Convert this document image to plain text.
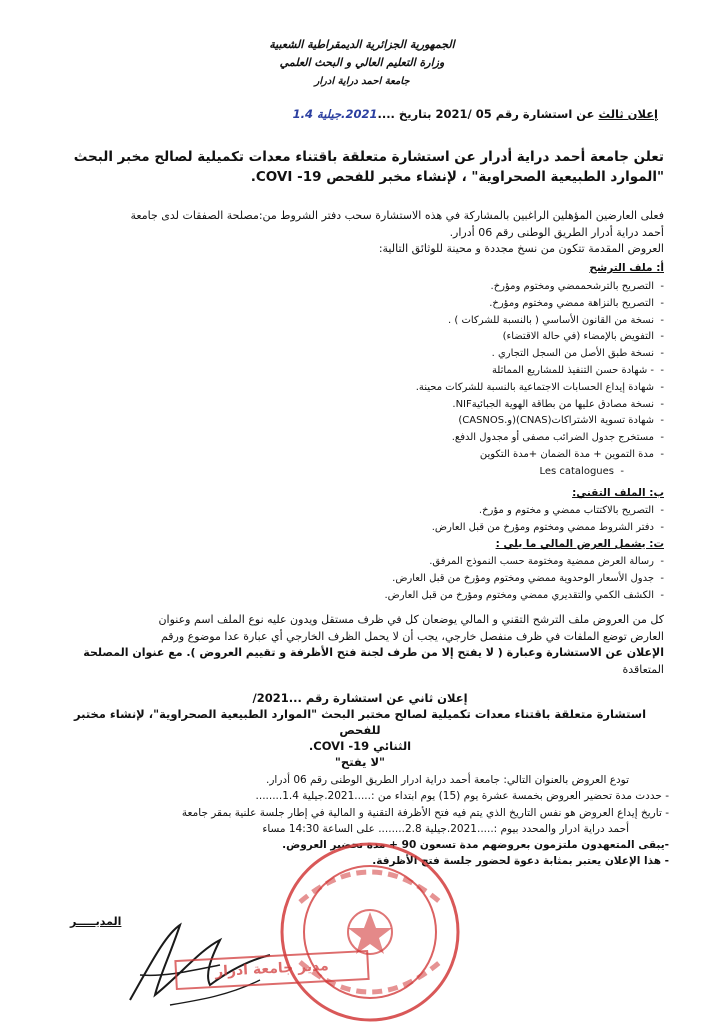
الجمهورية الجزائرية الديمقراطية الشعبية
وزارة التعليم العالي و البحث العلمي
جامعة احمد دراية ادرار
إعلان ثالث عن استشارة رقم 05 /2021 بتاريخ ....2021.جيلية 1.4
تعلن جامعة أحمد دراية أدرار عن استشارة متعلقة باقتناء معدات تكميلية لصالح مخبر البحث "الموارد الطبيعية الصحراوية" ، لإنشاء مخبر للفحص 19- COVI.
فعلى العارضين المؤهلين الراغبين بالمشاركة في هذه الاستشارة سحب دفتر الشروط من:مصلحة الصفقات لدى جامعة
أحمد دراية أدرار الطريق الوطنى رقم 06 أدرار.
العروض المقدمة تتكون من نسخ مجددة و محينة للوثائق التالية:
أ: ملف الترشح
-التصريح بالترشحممضي ومختوم ومؤرخ.
-التصريح بالنزاهة ممضي ومختوم ومؤرخ.
-نسخة من القانون الأساسي ( بالنسبة للشركات ) .
-التفويض بالإمضاء (في حالة الاقتضاء)
-نسخة طبق الأصل من السجل التجاري .
-- شهادة حسن التنفيذ للمشاريع المماثلة
-شهادة إيداع الحسابات الاجتماعية بالنسبة للشركات محينة.
-نسخة مصادق عليها من بطاقة الهوية الجبائيةNIF.
-شهادة تسوية الاشتراكات(CNAS)(و.CASNOS)
-مستخرج جدول الضرائب مصفى أو مجدول الدفع.
-مدة التموين + مدة الضمان +مدة التكوين
-Les catalogues
ب: الملف التقني:
-التصريح بالاكتتاب ممضي و مختوم و مؤرخ.
-دفتر الشروط ممضي ومختوم ومؤرخ من قبل العارض.
ت: يشمل العرض المالي ما يلي :
-رسالة العرض ممضية ومختومة حسب النموذج المرفق.
-جدول الأسعار الوحدوية ممضي ومختوم ومؤرخ من قبل العارض.
-الكشف الكمي والتقديري ممضي ومختوم ومؤرخ من قبل العارض.
كل من العروض ملف الترشح التقني و المالي يوضعان كل في ظرف مستقل ويدون عليه نوع الملف اسم وعنوان
العارض توضع الملفات في ظرف منفصل خارجي، يجب أن لا يحمل الظرف الخارجي أي عبارة عدا موضوع ورقم
الإعلان عن الاستشارة وعبارة ( لا يفتح إلا من طرف لجنة فتح الأظرفة و تقييم العروض ). مع عنوان المصلحة
المتعاقدة
إعلان ثاني عن استشارة رقم ...2021/
استشارة متعلقة باقتناء معدات تكميلية لصالح مختبر البحث "الموارد الطبيعية الصحراوية"، لإنشاء مختبر للفحص
الثنائي 19- COVI.
"لا يفتح"
تودع العروض بالعنوان التالي: جامعة أحمد دراية ادرار الطريق الوطنى رقم 06 أدرار.
- حددت مدة تحضير العروض بخمسة عشرة يوم (15) يوم ابتداء من :.....2021.جيلية 1.4........
- تاريخ إيداع العروض هو نفس التاريخ الذي يتم فيه فتح الأظرفة التقنية و المالية في إطار جلسة علنية بمقر جامعة
أحمد دراية ادرار والمحدد بيوم :.....2021.جيلية 2.8........ على الساعة 14:30 مساء
-يبقى المتعهدون ملتزمون بعروضهم مدة تسعون 90 + مدة تحضير العروض.
- هذا الإعلان يعتبر بمثابة دعوة لحضور جلسة فتح الأظرفة.
المديـــــر
مدير جامعة ادرار
